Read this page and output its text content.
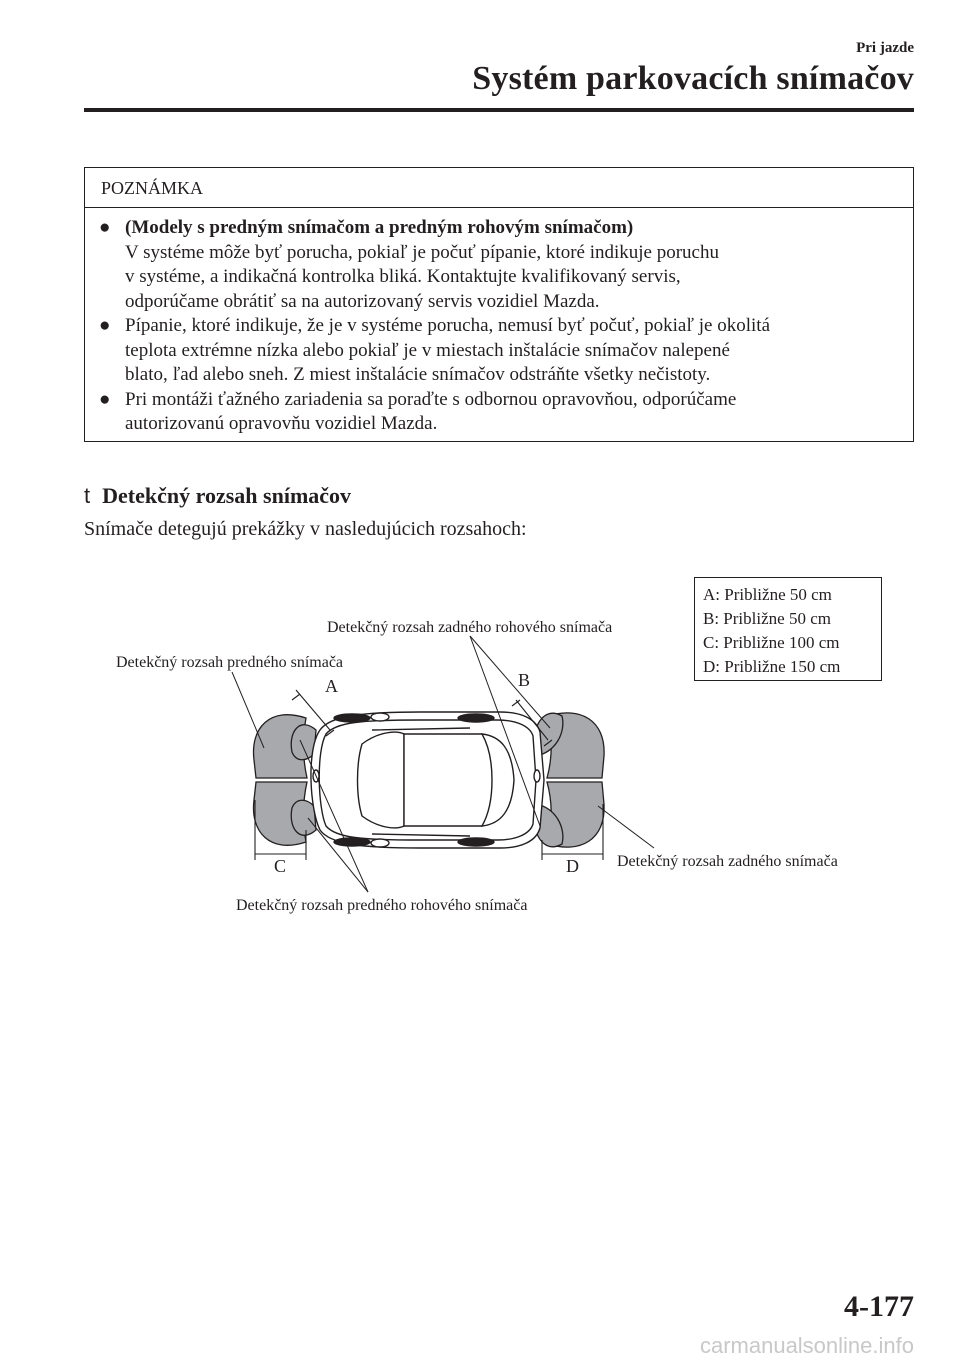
Pri jazde
Systém parkovacích snímačov
POZNÁMKA
● (Modely s predným snímačom a predným rohovým snímačom)
V systéme môže byť porucha, pokiaľ je počuť pípanie, ktoré indikuje poruchu
v systéme, a indikačná kontrolka bliká. Kontaktujte kvalifikovaný servis,
odporúčame obrátiť sa na autorizovaný servis vozidiel Mazda.
● Pípanie, ktoré indikuje, že je v systéme porucha, nemusí byť počuť, pokiaľ je okolitá
teplota extrémne nízka alebo pokiaľ je v miestach inštalácie snímačov nalepené
blato, ľad alebo sneh. Z miest inštalácie snímačov odstráňte všetky nečistoty.
● Pri montáži ťažného zariadenia sa poraďte s odbornou opravovňou, odporúčame
autorizovanú opravovňu vozidiel Mazda.
t Detekčný rozsah snímačov
Snímače detegujú prekážky v nasledujúcich rozsahoch:
Detekčný rozsah zadného rohového snímača
Detekčný rozsah predného snímača
A	B
C	D Detekčný rozsah zadného snímača
Detekčný rozsah predného rohového snímača
A: Približne 50 cm
B: Približne 50 cm
C: Približne 100 cm
D: Približne 150 cm
4-177
carmanualsonline.info
